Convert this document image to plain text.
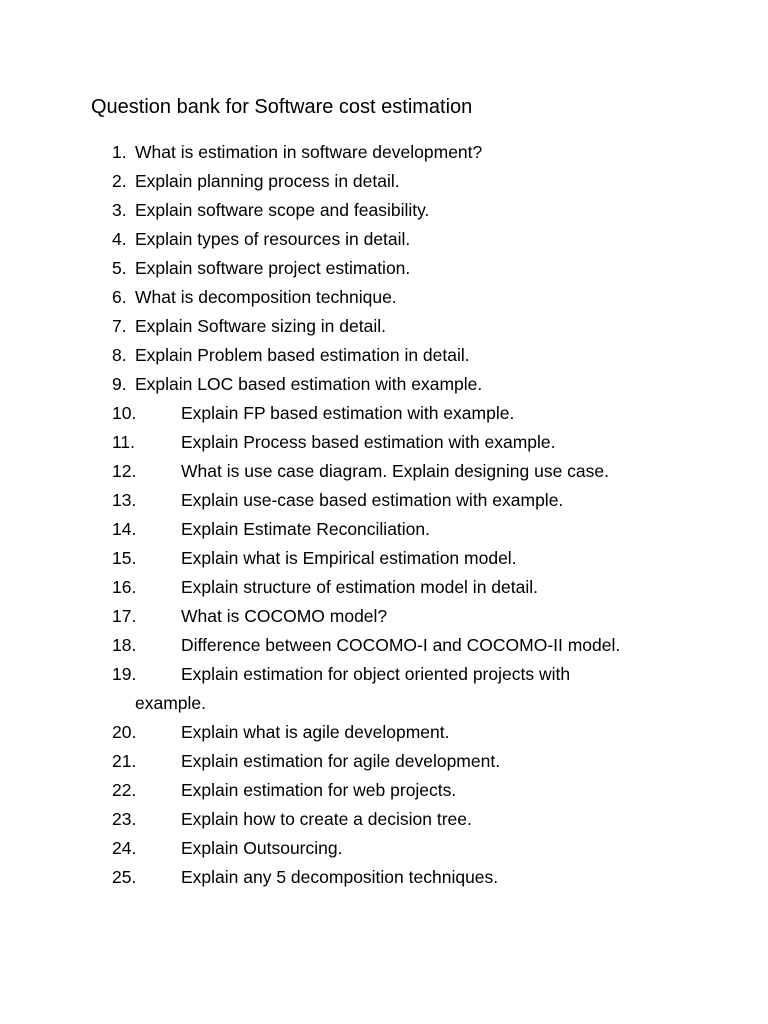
Question bank for Software cost estimation
1. What is estimation in software development?
2. Explain planning process in detail.
3. Explain software scope and feasibility.
4. Explain types of resources in detail.
5. Explain software project estimation.
6. What is decomposition technique.
7. Explain Software sizing in detail.
8. Explain Problem based estimation in detail.
9. Explain LOC based estimation with example.
10.	Explain FP based estimation with example.
11.	Explain Process based estimation with example.
12.	What is use case diagram. Explain designing use case.
13.	Explain use-case based estimation with example.
14.	Explain Estimate Reconciliation.
15.	Explain what is Empirical estimation model.
16.	Explain structure of estimation model in detail.
17.	What is COCOMO model?
18.	Difference between COCOMO-I and COCOMO-II model.
19.	Explain estimation for object oriented projects with
example.
20.	Explain what is agile development.
21.	Explain estimation for agile development.
22.	Explain estimation for web projects.
23.	Explain how to create a decision tree.
24.	Explain Outsourcing.
25.	Explain any 5 decomposition techniques.
